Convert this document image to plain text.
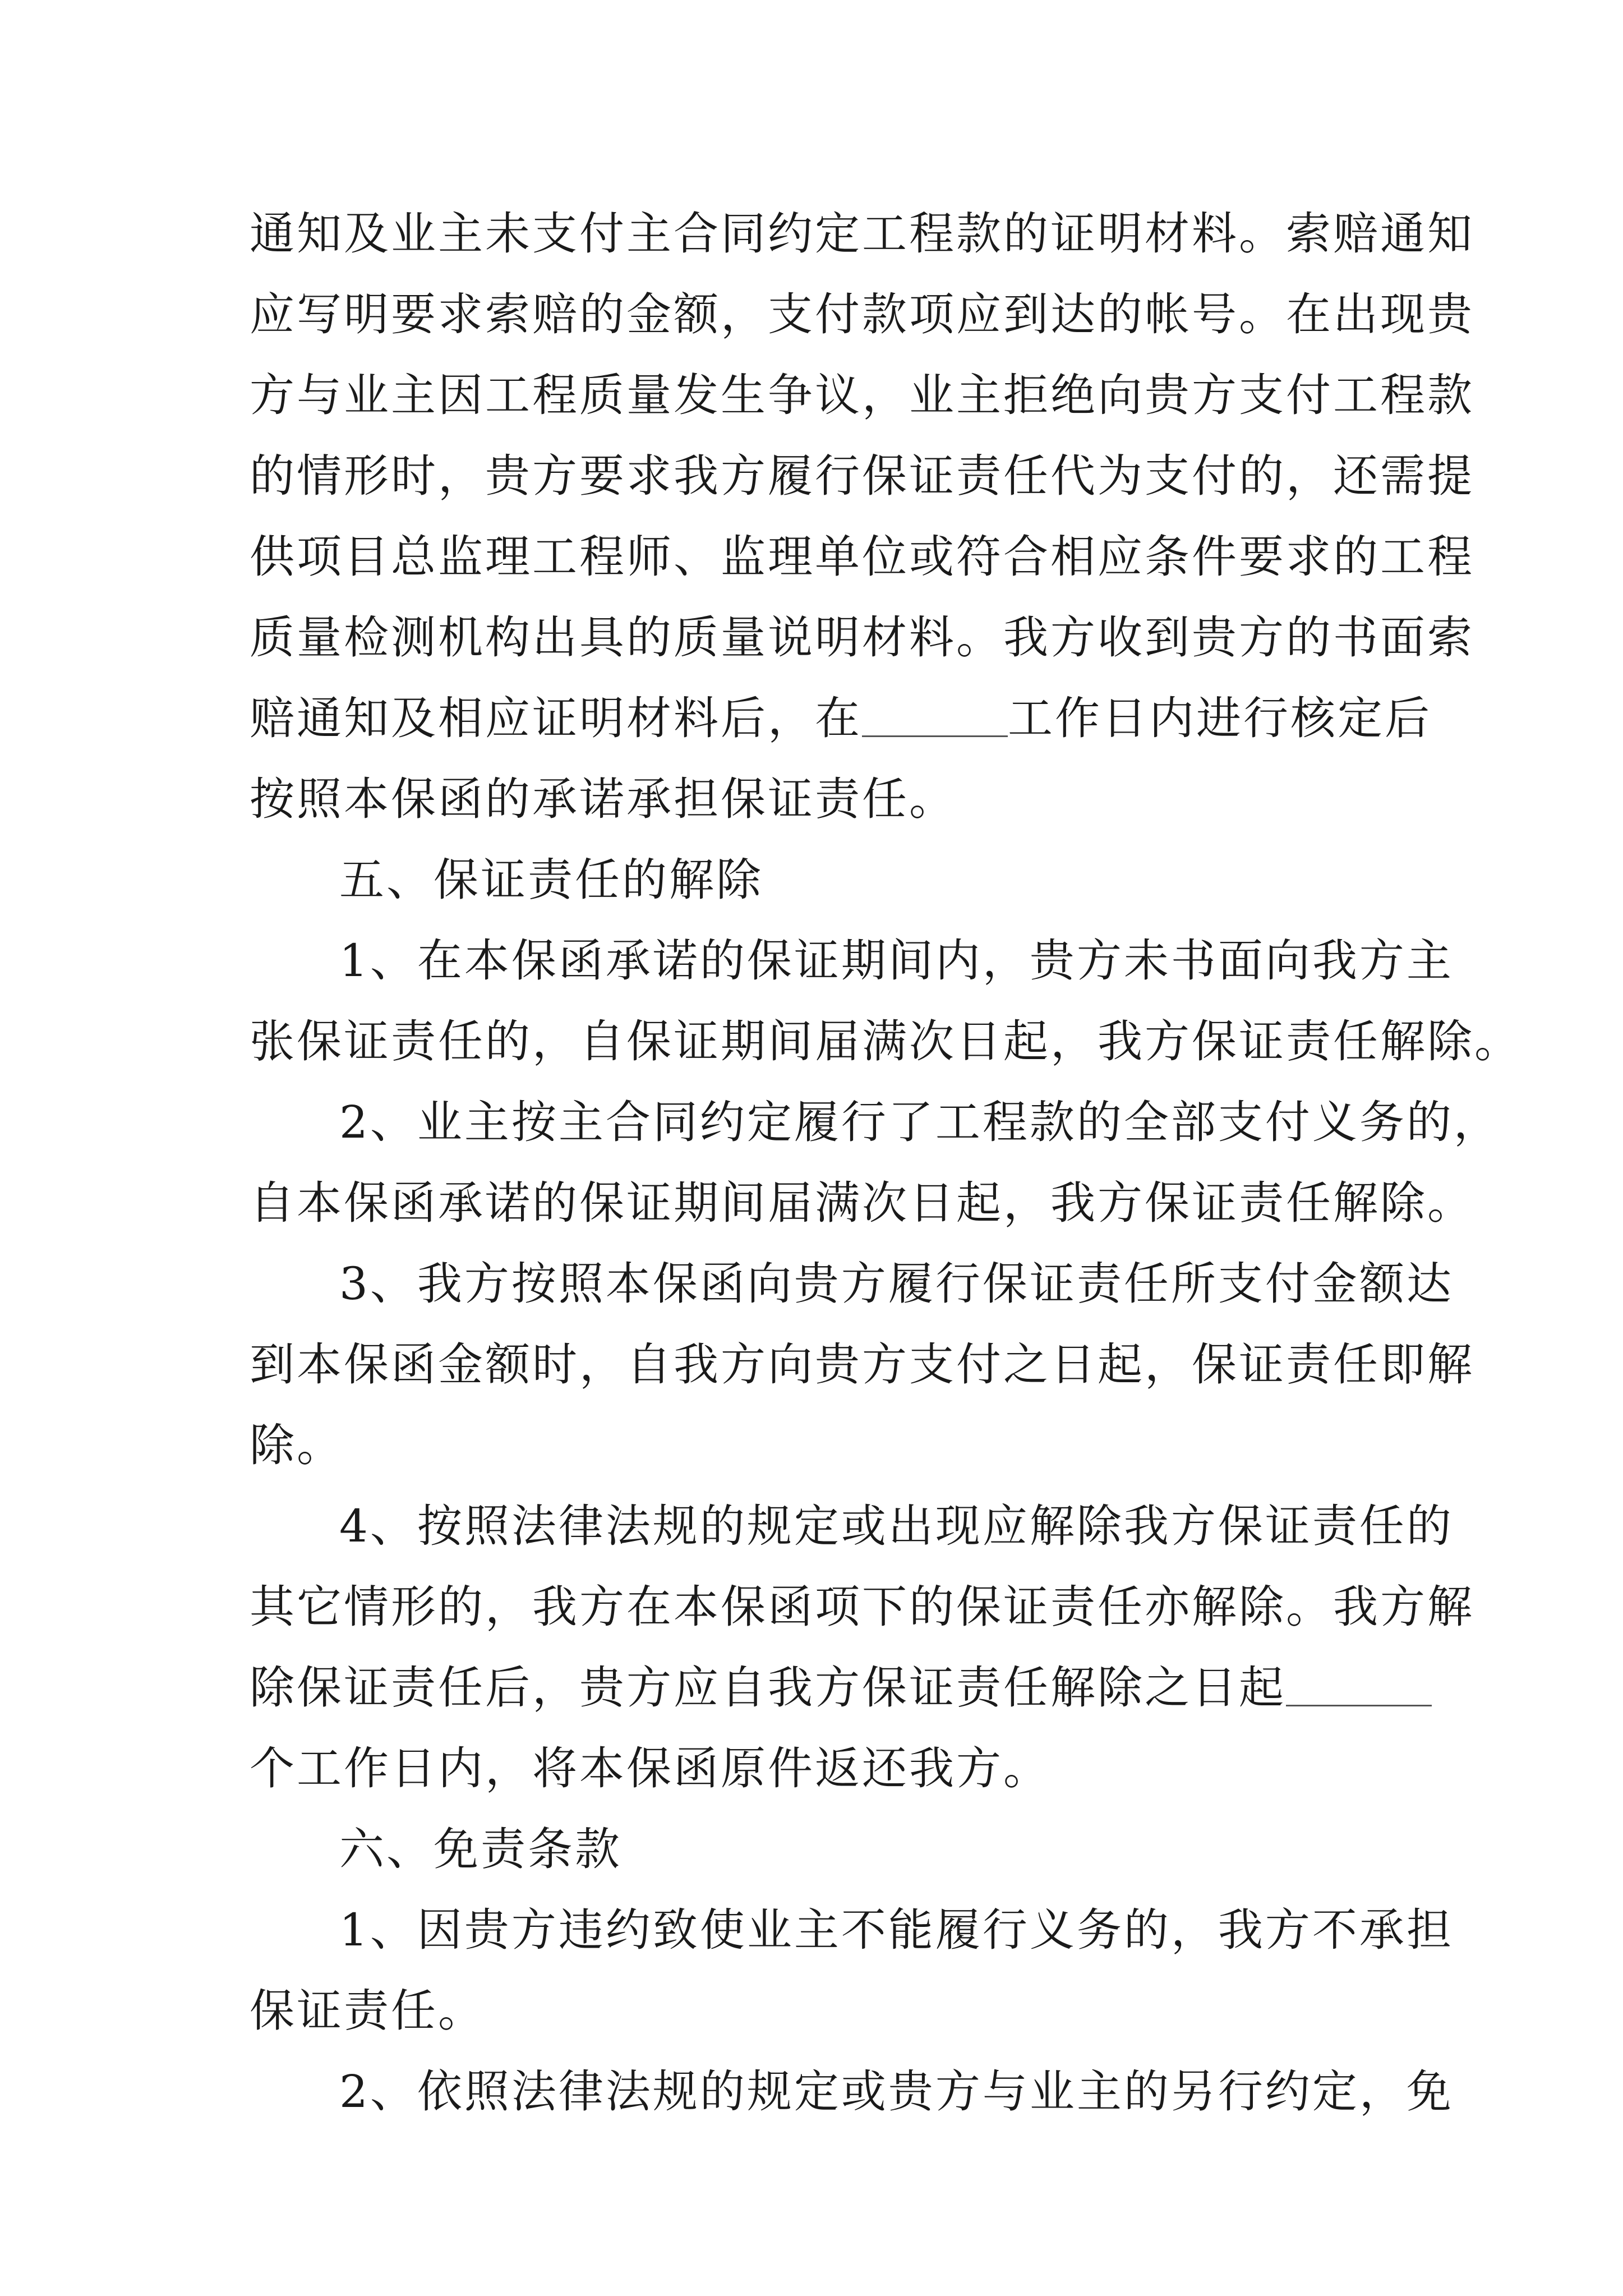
通知及业主未支付主合同约定工程款的证明材料。索赔通知
应写明要求索赔的金额，支付款项应到达的帐号。在出现贵
方与业主因工程质量发生争议，业主拒绝向贵方支付工程款
的情形时，贵方要求我方履行保证责任代为支付的，还需提
供项目总监理工程师、监理单位或符合相应条件要求的工程
质量检测机构出具的质量说明材料。我方收到贵方的书面索
赔通知及相应证明材料后，在	工作日内进行核定后
按照本保函的承诺承担保证责任。
五、保证责任的解除
1、在本保函承诺的保证期间内，贵方未书面向我方主
张保证责任的，自保证期间届满次日起，我方保证责任解除。
2、业主按主合同约定履行了工程款的全部支付义务的，
自本保函承诺的保证期间届满次日起，我方保证责任解除。
3、我方按照本保函向贵方履行保证责任所支付金额达
到本保函金额时，自我方向贵方支付之日起，保证责任即解
除。
4、按照法律法规的规定或出现应解除我方保证责任的
其它情形的，我方在本保函项下的保证责任亦解除。我方解
除保证责任后，贵方应自我方保证责任解除之日起
个工作日内，将本保函原件返还我方。
六、免责条款
1、因贵方违约致使业主不能履行义务的，我方不承担
保证责任。
2、依照法律法规的规定或贵方与业主的另行约定，免
